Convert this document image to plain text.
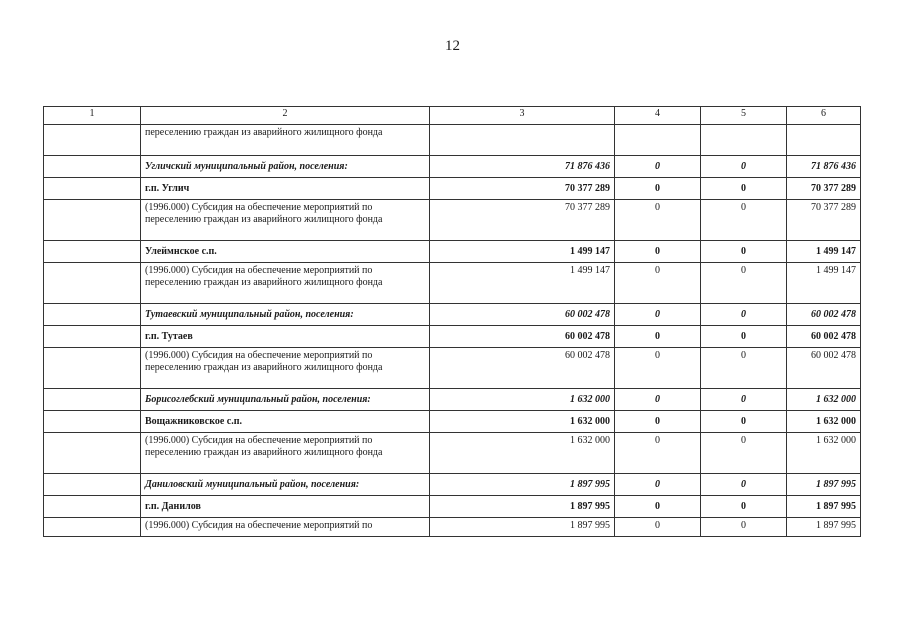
12
1	2	3	4	5	6
	переселению граждан из аварийного жилищного фонда				
	Угличский муниципальный район, поселения:	71 876 436	0	0	71 876 436
	г.п. Углич	70 377 289	0	0	70 377 289
	(1996.000) Субсидия на обеспечение мероприятий по переселению граждан из аварийного жилищного фонда	70 377 289	0	0	70 377 289
	Улеймнское с.п.	1 499 147	0	0	1 499 147
	(1996.000) Субсидия на обеспечение мероприятий по переселению граждан из аварийного жилищного фонда	1 499 147	0	0	1 499 147
	Тутаевский муниципальный район, поселения:	60 002 478	0	0	60 002 478
	г.п. Тутаев	60 002 478	0	0	60 002 478
	(1996.000) Субсидия на обеспечение мероприятий по переселению граждан из аварийного жилищного фонда	60 002 478	0	0	60 002 478
	Борисоглебский муниципальный район, поселения:	1 632 000	0	0	1 632 000
	Вощажниковское с.п.	1 632 000	0	0	1 632 000
	(1996.000) Субсидия на обеспечение мероприятий по переселению граждан из аварийного жилищного фонда	1 632 000	0	0	1 632 000
	Даниловский муниципальный район, поселения:	1 897 995	0	0	1 897 995
	г.п. Данилов	1 897 995	0	0	1 897 995
	(1996.000) Субсидия на обеспечение мероприятий по	1 897 995	0	0	1 897 995
